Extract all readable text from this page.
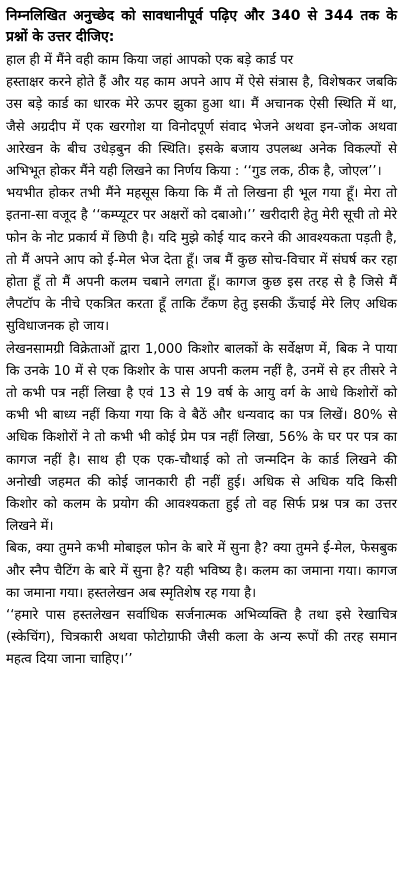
निम्नलिखित अनुच्छेद को सावधानीपूर्व पढ़िए और 340 से 344 तक के प्रश्नों के उत्तर दीजिए:

हाल ही में मैंने वही काम किया जहां आपको एक बड़े कार्ड पर

हस्ताक्षर करने होते हैं और यह काम अपने आप में ऐसे संत्रास है, विशेषकर जबकि उस बड़े कार्ड का धारक मेरे ऊपर झुका हुआ था। मैं अचानक ऐसी स्थिति में था, जैसे अग्रदीप में एक खरगोश या विनोदपूर्ण संवाद भेजने अथवा इन-जोक अथवा आरेखन के बीच उधेड़बुन की स्थिति। इसके बजाय उपलब्ध अनेक विकल्पों से अभिभूत होकर मैंने यही लिखने का निर्णय किया : ‘‘गुड लक, ठीक है, जोएल’’।

भयभीत होकर तभी मैंने महसूस किया कि मैं तो लिखना ही भूल गया हूँ। मेरा तो इतना-सा वजूद है ‘‘कम्प्यूटर पर अक्षरों को दबाओ।’’ खरीदारी हेतु मेरी सूची तो मेरे फोन के नोट प्रकार्य में छिपी है। यदि मुझे कोई याद करने की आवश्यकता पड़ती है, तो मैं अपने आप को ई-मेल भेज देता हूँ। जब मैं कुछ सोच-विचार में संघर्ष कर रहा होता हूँ तो मैं अपनी कलम चबाने लगता हूँ। कागज कुछ इस तरह से है जिसे मैं लैपटॉप के नीचे एकत्रित करता हूँ ताकि टँकण हेतु इसकी ऊँचाई मेरे लिए अधिक सुविधाजनक हो जाय।

लेखनसामग्री विक्रेताओं द्वारा 1,000 किशोर बालकों के सर्वेक्षण में, बिक ने पाया कि उनके 10 में से एक किशोर के पास अपनी कलम नहीं है, उनमें से हर तीसरे ने तो कभी पत्र नहीं लिखा है एवं 13 से 19 वर्ष के आयु वर्ग के आधे किशोरों को कभी भी बाध्य नहीं किया गया कि वे बैठें और धन्यवाद का पत्र लिखें। 80% से अधिक किशोरों ने तो कभी भी कोई प्रेम पत्र नहीं लिखा, 56% के घर पर पत्र का कागज नहीं है। साथ ही एक एक-चौथाई को तो जन्मदिन के कार्ड लिखने की अनोखी जहमत की कोई जानकारी ही नहीं हुई। अधिक से अधिक यदि किसी किशोर को कलम के प्रयोग की आवश्यकता हुई तो वह सिर्फ प्रश्न पत्र का उत्तर लिखने में।

बिक, क्या तुमने कभी मोबाइल फोन के बारे में सुना है? क्या तुमने ई-मेल, फेसबुक और स्नैप चैटिंग के बारे में सुना है? यही भविष्य है। कलम का जमाना गया। कागज का जमाना गया। हस्तलेखन अब स्मृतिशेष रह गया है।

‘‘हमारे पास हस्तलेखन सर्वाधिक सर्जनात्मक अभिव्यक्ति है तथा इसे रेखाचित्र (स्केचिंग), चित्रकारी अथवा फोटोग्राफी जैसी कला के अन्य रूपों की तरह समान महत्व दिया जाना चाहिए।’’
